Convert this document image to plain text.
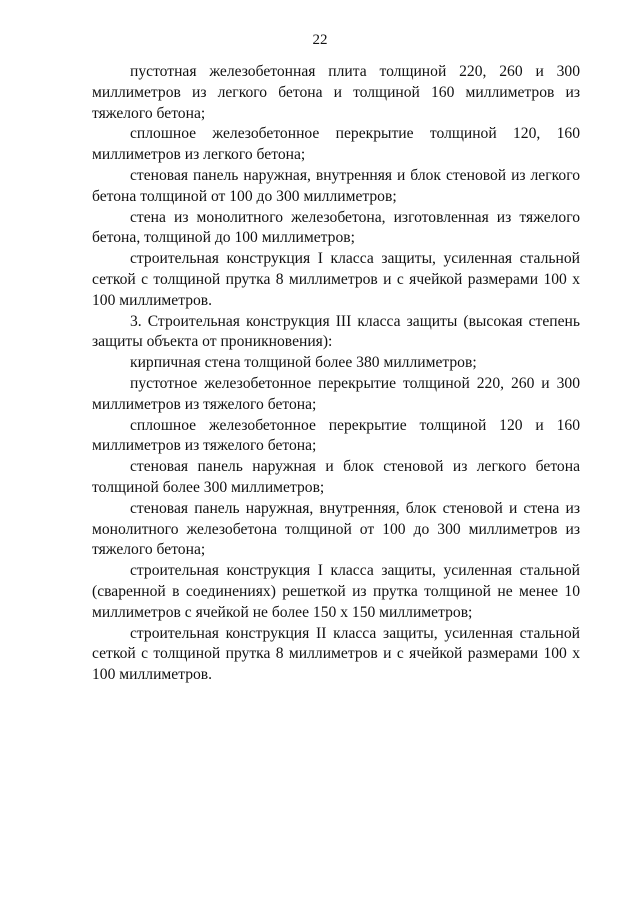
22

пустотная железобетонная плита толщиной 220, 260 и 300 миллиметров из легкого бетона и толщиной 160 миллиметров из тяжелого бетона;

сплошное железобетонное перекрытие толщиной 120, 160 миллиметров из легкого бетона;

стеновая панель наружная, внутренняя и блок стеновой из легкого бетона толщиной от 100 до 300 миллиметров;

стена из монолитного железобетона, изготовленная из тяжелого бетона, толщиной до 100 миллиметров;

строительная конструкция I класса защиты, усиленная стальной сеткой с толщиной прутка 8 миллиметров и с ячейкой размерами 100 x 100 миллиметров.

3. Строительная конструкция III класса защиты (высокая степень защиты объекта от проникновения):

кирпичная стена толщиной более 380 миллиметров;

пустотное железобетонное перекрытие толщиной 220, 260 и 300 миллиметров из тяжелого бетона;

сплошное железобетонное перекрытие толщиной 120 и 160 миллиметров из тяжелого бетона;

стеновая панель наружная и блок стеновой из легкого бетона толщиной более 300 миллиметров;

стеновая панель наружная, внутренняя, блок стеновой и стена из монолитного железобетона толщиной от 100 до 300 миллиметров из тяжелого бетона;

строительная конструкция I класса защиты, усиленная стальной (сваренной в соединениях) решеткой из прутка толщиной не менее 10 миллиметров с ячейкой не более 150 x 150 миллиметров;

строительная конструкция II класса защиты, усиленная стальной сеткой с толщиной прутка 8 миллиметров и с ячейкой размерами 100 x 100 миллиметров.
